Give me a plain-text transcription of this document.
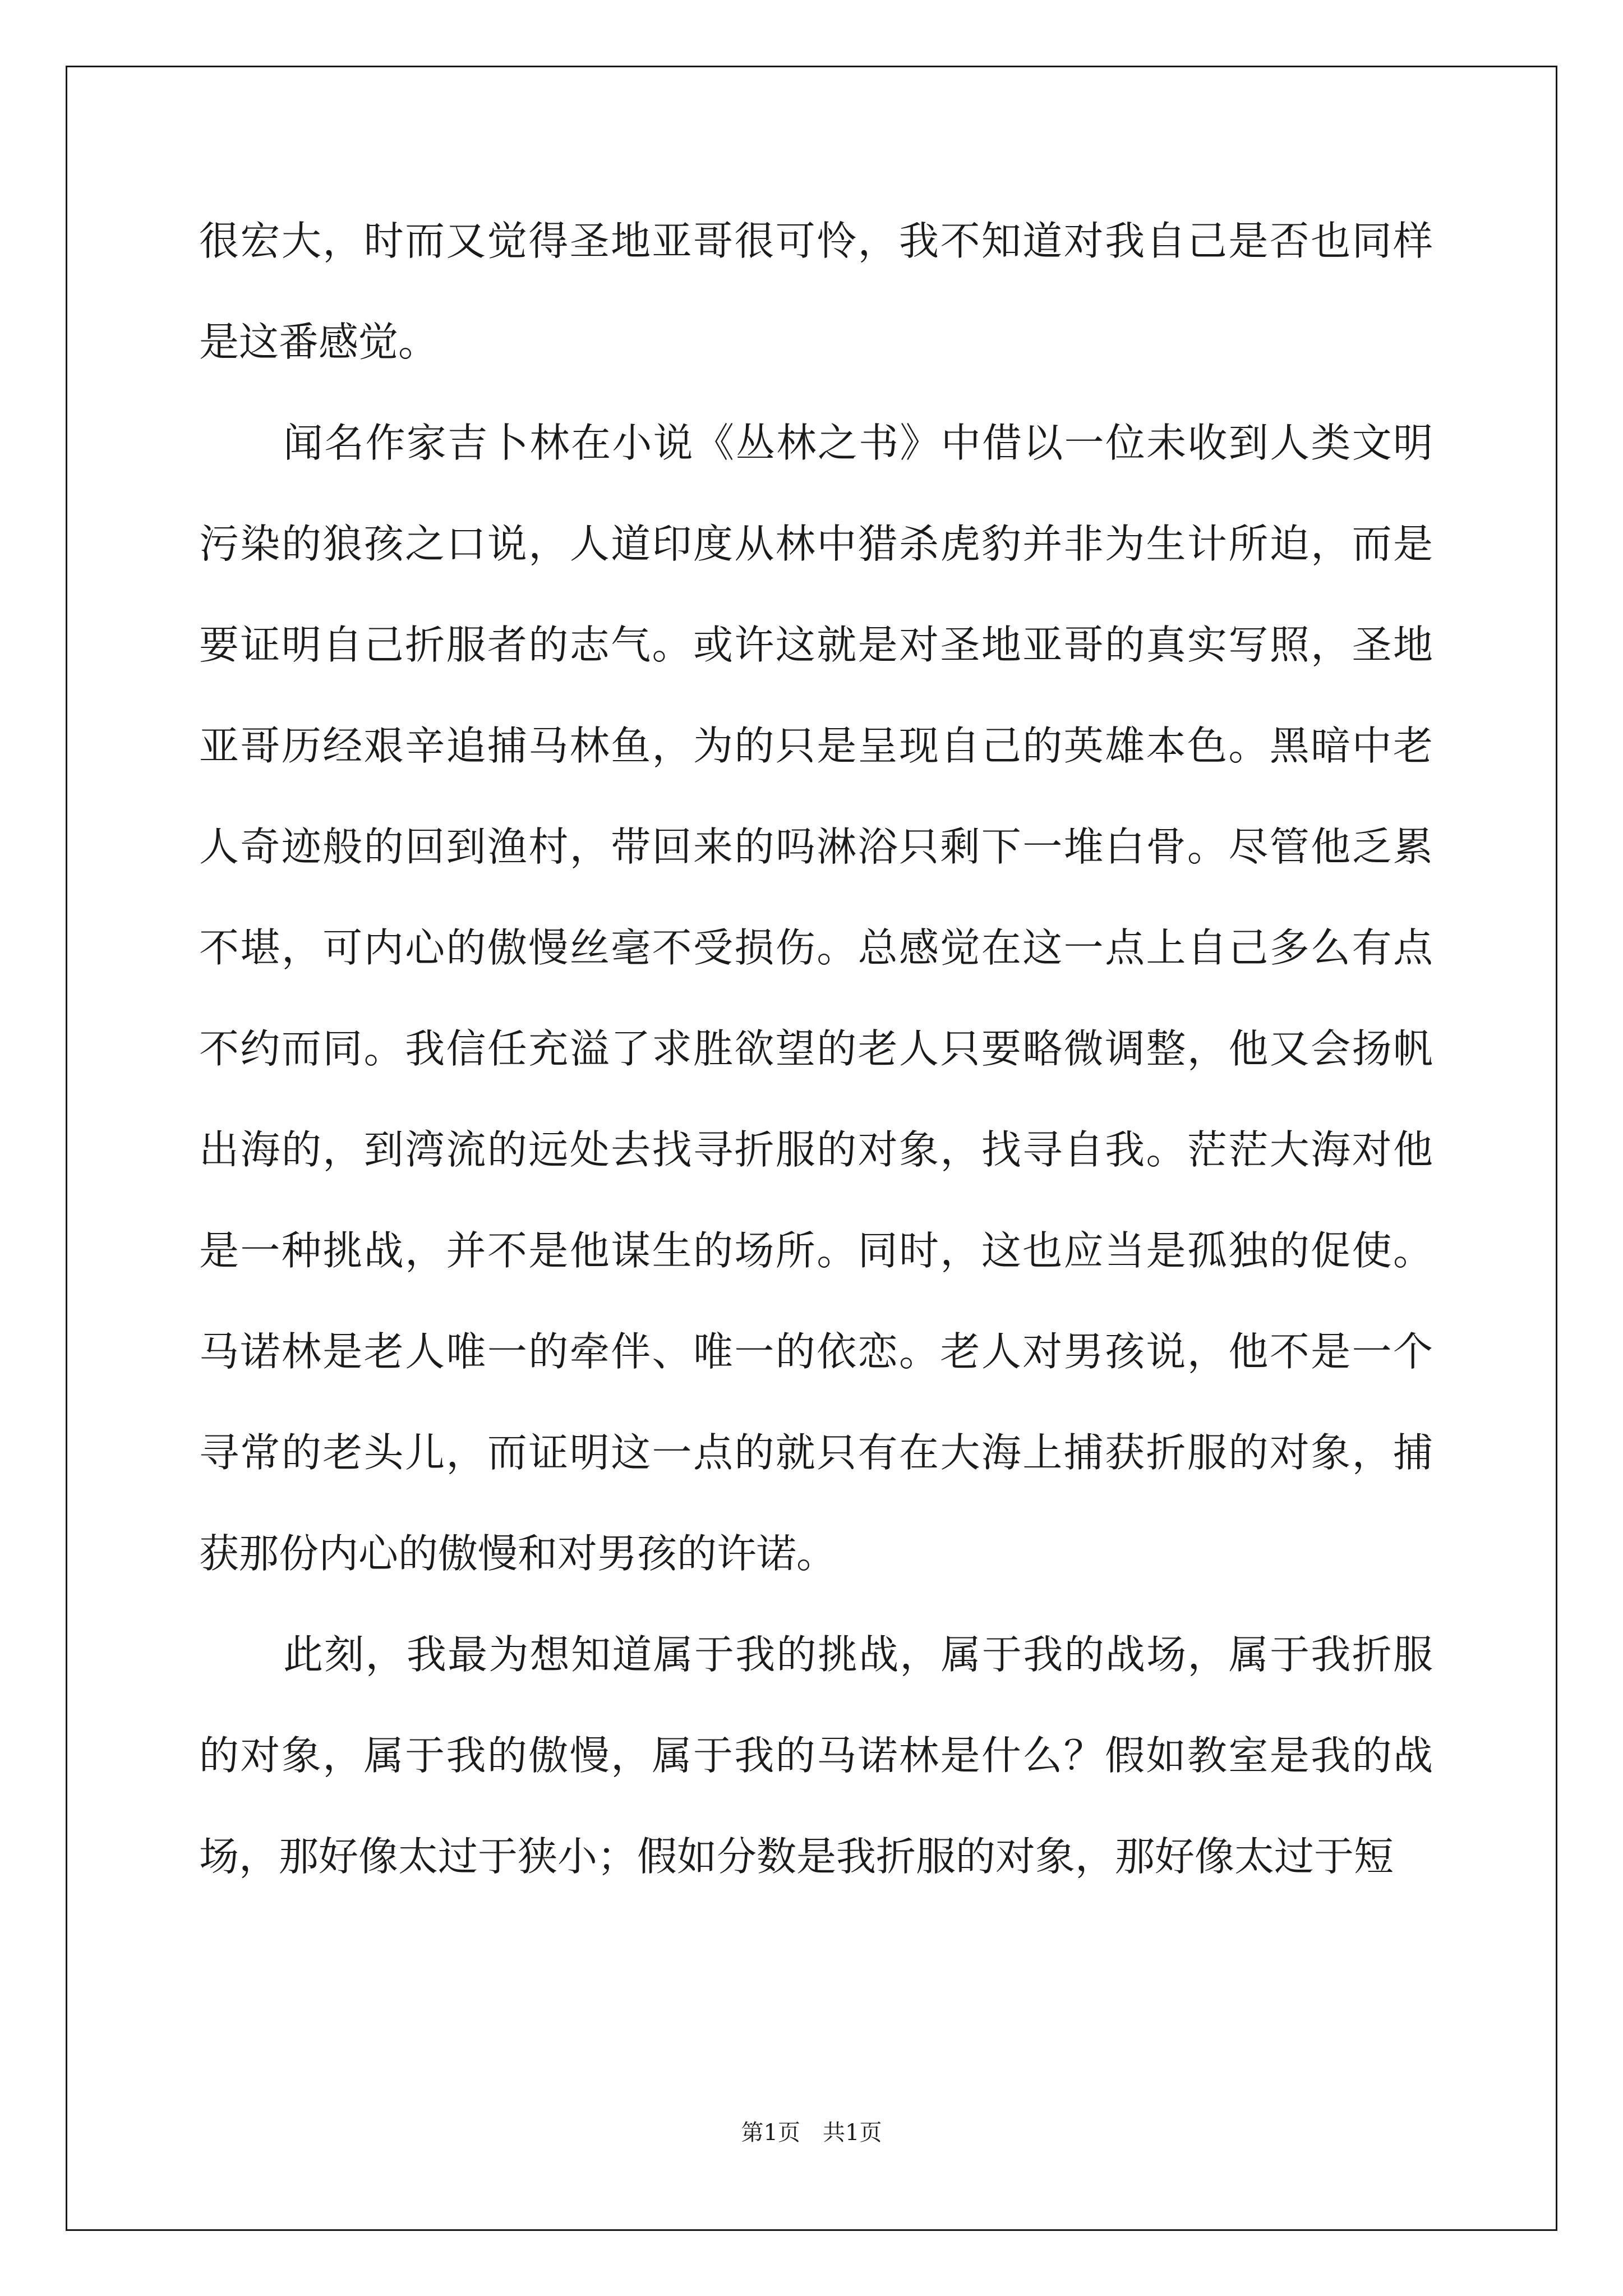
很宏大，时而又觉得圣地亚哥很可怜，我不知道对我自己是否也同样是这番感觉。

闻名作家吉卜林在小说《丛林之书》中借以一位未收到人类文明污染的狼孩之口说，人道印度从林中猎杀虎豹并非为生计所迫，而是要证明自己折服者的志气。或许这就是对圣地亚哥的真实写照，圣地亚哥历经艰辛追捕马林鱼，为的只是呈现自己的英雄本色。黑暗中老人奇迹般的回到渔村，带回来的吗淋浴只剩下一堆白骨。尽管他乏累不堪，可内心的傲慢丝毫不受损伤。总感觉在这一点上自己多么有点不约而同。我信任充溢了求胜欲望的老人只要略微调整，他又会扬帆出海的，到湾流的远处去找寻折服的对象，找寻自我。茫茫大海对他是一种挑战，并不是他谋生的场所。同时，这也应当是孤独的促使。马诺林是老人唯一的牵伴、唯一的依恋。老人对男孩说，他不是一个寻常的老头儿，而证明这一点的就只有在大海上捕获折服的对象，捕获那份内心的傲慢和对男孩的许诺。

此刻，我最为想知道属于我的挑战，属于我的战场，属于我折服的对象，属于我的傲慢，属于我的马诺林是什么？假如教室是我的战场，那好像太过于狭小；假如分数是我折服的对象，那好像太过于短

第1页　共1页
